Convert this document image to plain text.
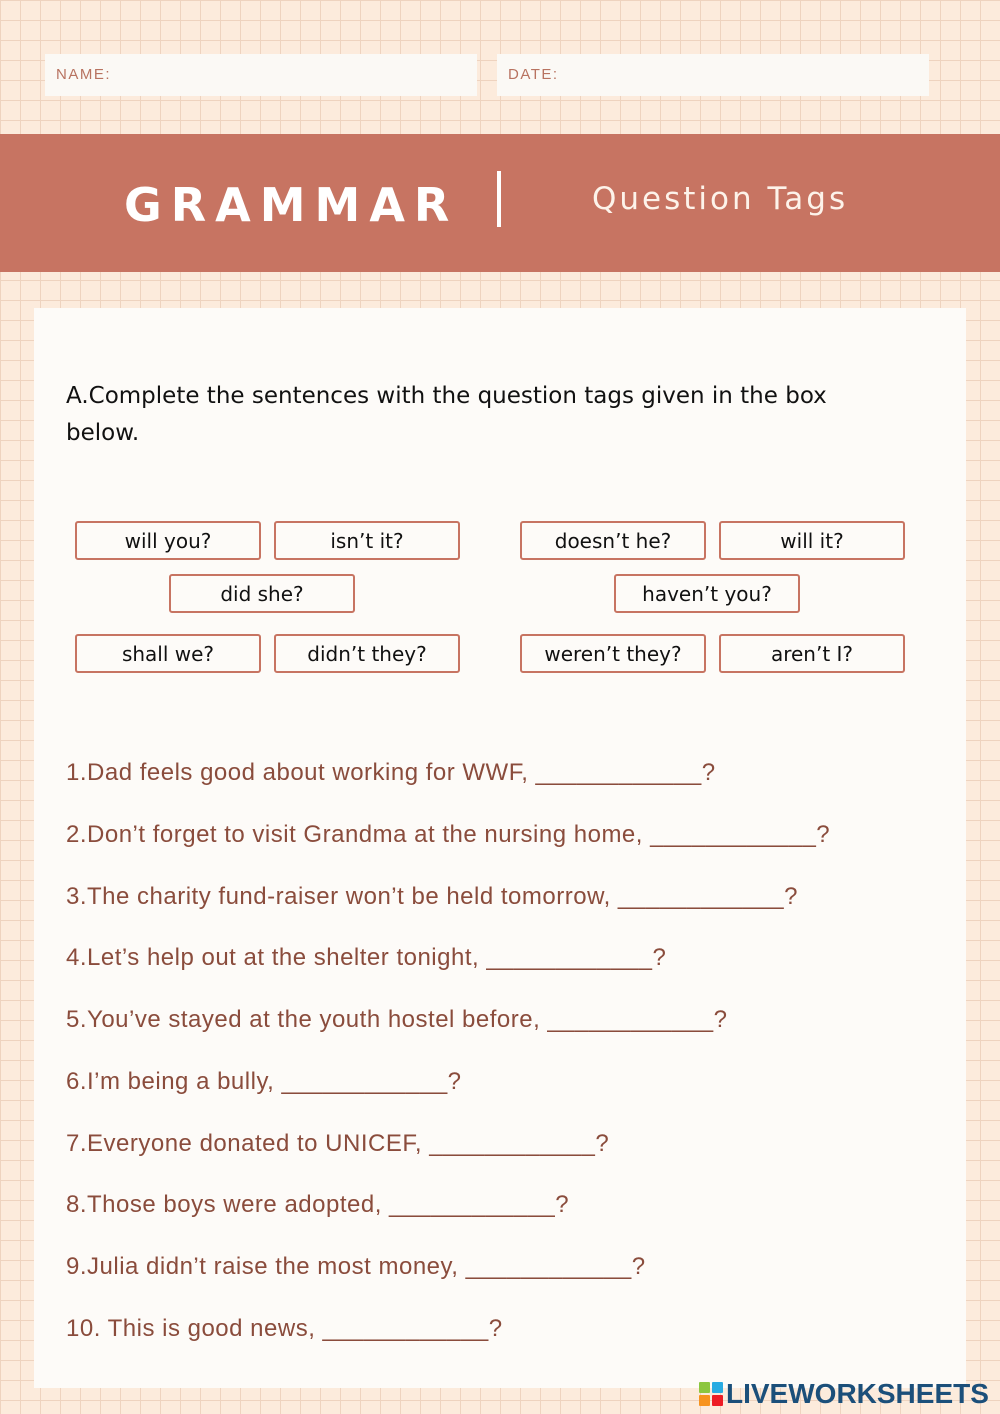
NAME:	DATE:
GRAMMAR	Question Tags

A.Complete the sentences with the question tags given in the box below.

will you?	isn’t it?	doesn’t he?	will it?
did she?	haven’t you?
shall we?	didn’t they?	weren’t they?	aren’t I?
1.Dad feels good about working for WWF, ____________?
2.Don’t forget to visit Grandma at the nursing home, ____________?
3.The charity fund-raiser won’t be held tomorrow, ____________?
4.Let’s help out at the shelter tonight, ____________?
5.You’ve stayed at the youth hostel before, ____________?
6.I’m being a bully, ____________?
7.Everyone donated to UNICEF, ____________?
8.Those boys were adopted, ____________?
9.Julia didn’t raise the most money, ____________?
10. This is good news, ____________?
LIVEWORKSHEETS
